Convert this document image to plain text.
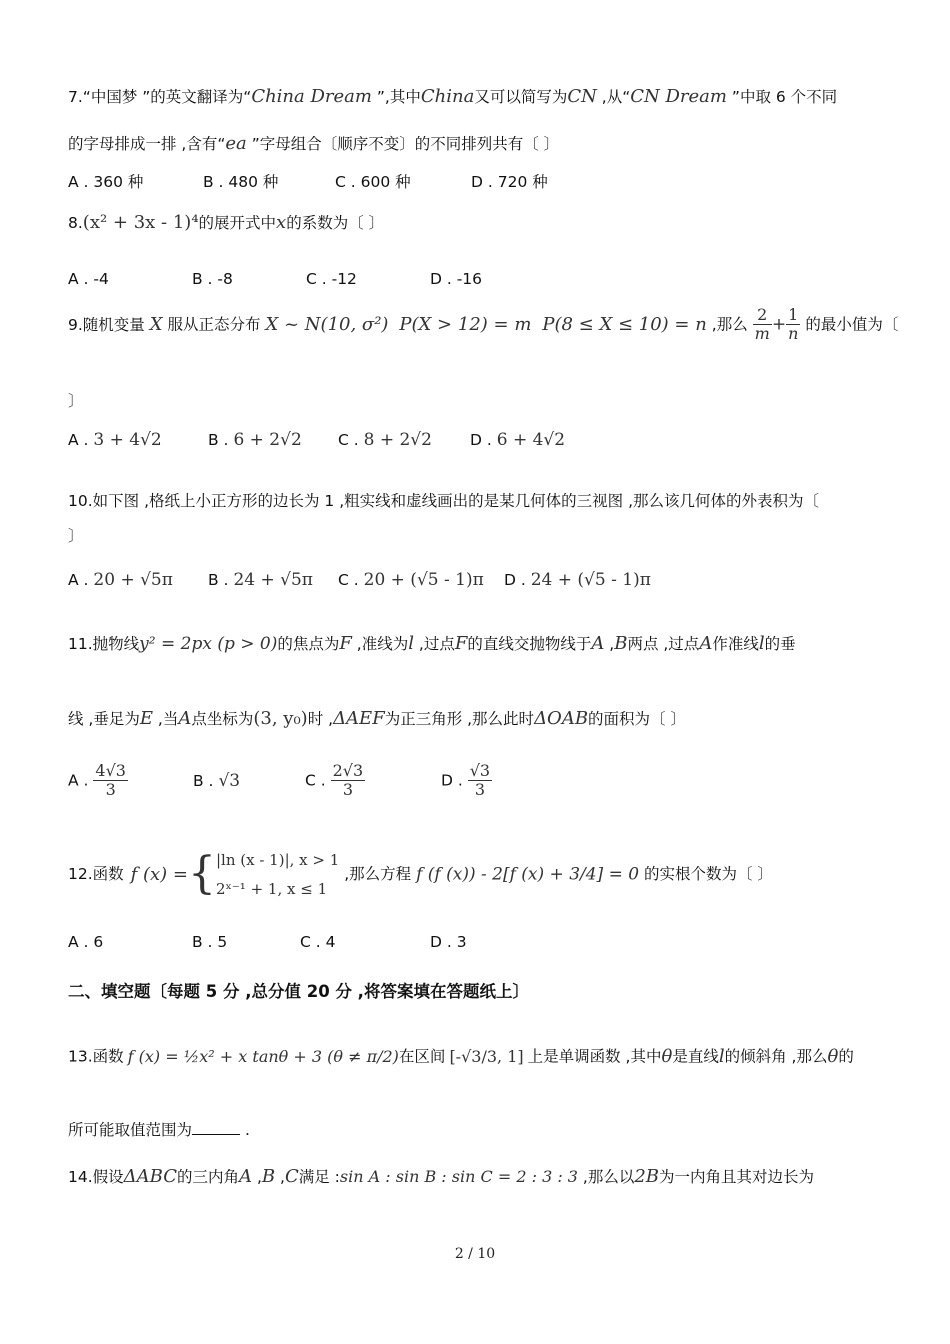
7.“中国梦 ”的英文翻译为“China Dream ”,其中China又可以简写为CN ,从“CN Dream ”中取 6 个不同
的字母排成一排 ,含有“ea ”字母组合〔顺序不变〕的不同排列共有〔 〕
A . 360 种	B . 480 种	C . 600 种	D . 720 种
8.(x² + 3x - 1)⁴的展开式中x的系数为〔 〕
A . -4	B . -8	C . -12	D . -16
9.随机变量 X 服从正态分布 X ~ N(10, σ²) P(X > 12) = m P(8 ≤ X ≤ 10) = n ,那么 $\frac{2}{m} + \frac{1}{n}$ 的最小值为〔
〕
A . 3 + 4√2	B . 6 + 2√2 C . 8 + 2√2 D . 6 + 4√2
10.如下图 ,格纸上小正方形的边长为 1 ,粗实线和虚线画出的是某几何体的三视图 ,那么该几何体的外表积为〔
〕
A . 20 + √5π B . 24 + √5π C . 20 + (√5 - 1)π D . 24 + (√5 - 1)π
11.抛物线y² = 2px (p > 0)的焦点为F ,准线为l ,过点F的直线交抛物线于A ,B两点 ,过点A作准线l的垂
线 ,垂足为E ,当A点坐标为(3, y₀)时 ,ΔAEF为正三角形 ,那么此时ΔOAB的面积为〔 〕
A . $\frac{4√3}{3}$	B . √3	C . $\frac{2√3}{3}$	D . $\frac{√3}{3}$
12.函数 f (x) ={ |ln (x - 1)|, x > 1
2ˣ⁻¹ + 1, x ≤ 1
,那么方程 f (f (x)) - 2[f (x) + 3/4] = 0 的实根个数为〔 〕
A . 6	B . 5	C . 4	D . 3
二、填空题〔每题 5 分 ,总分值 20 分 ,将答案填在答题纸上〕
13.函数 f (x) = ½x² + x tanθ + 3 (θ ≠ π/2)在区间 [-√3/3, 1] 上是单调函数 ,其中θ是直线l的倾斜角 ,那么θ的
所可能取值范围为	.
14.假设ΔABC的三内角A ,B ,C满足 :sin A : sin B : sin C = 2 : 3 : 3 ,那么以2B为一内角且其对边长为
2 / 10
